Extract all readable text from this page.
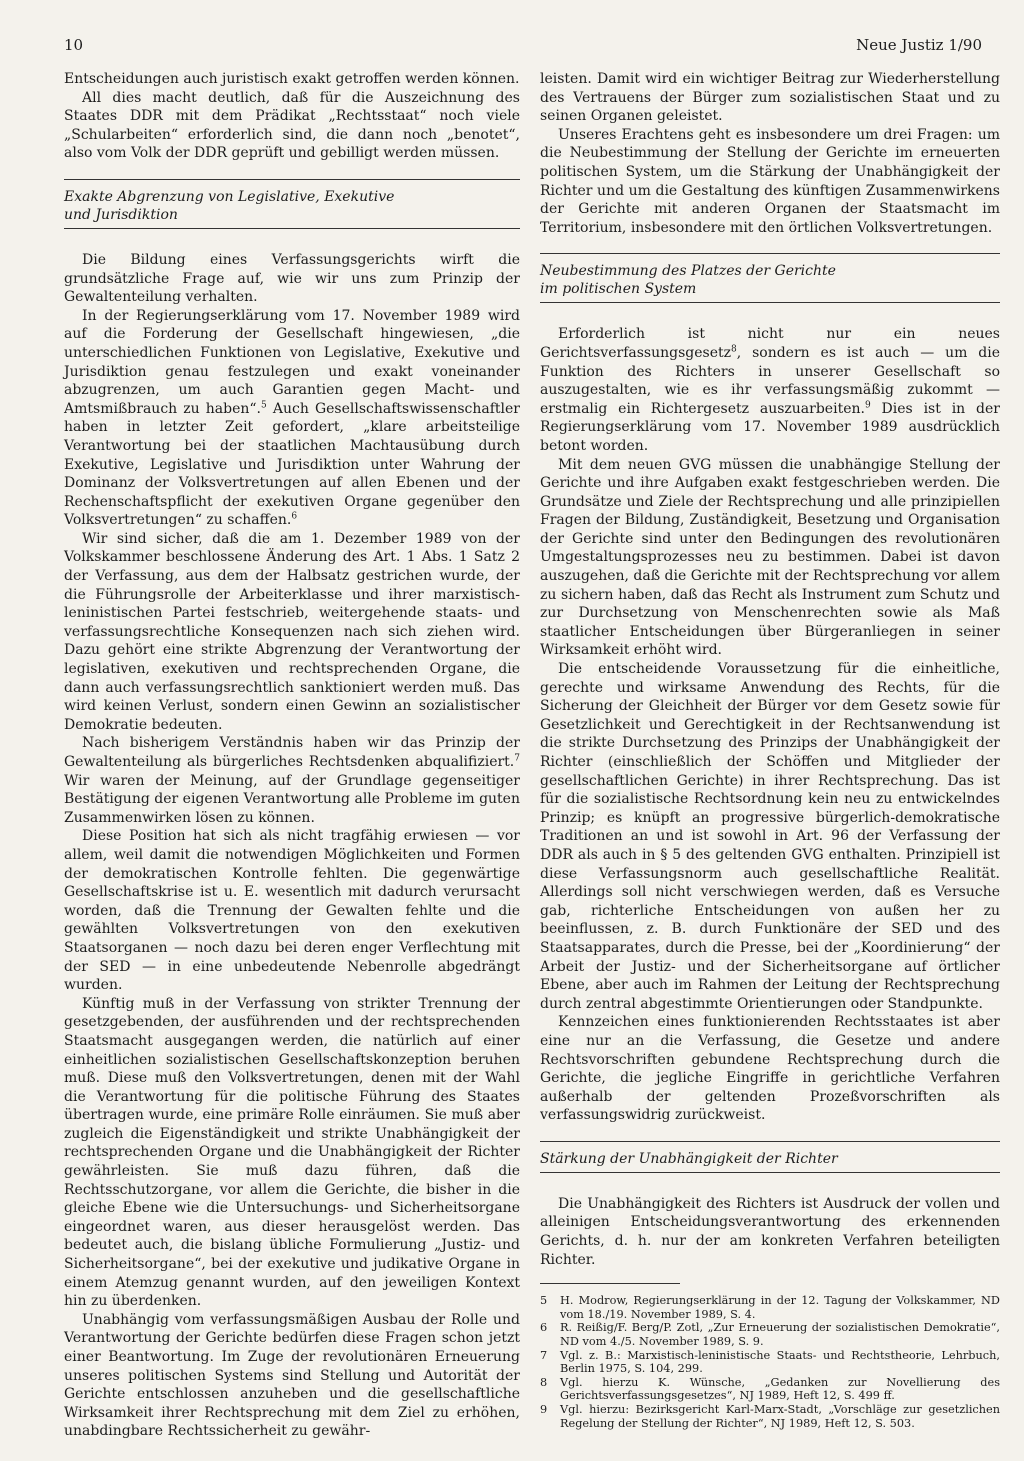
10	Neue Justiz 1/90

Entscheidungen auch juristisch exakt getroffen werden können.

All dies macht deutlich, daß für die Auszeichnung des Staates DDR mit dem Prädikat „Rechtsstaat“ noch viele „Schularbeiten“ erforderlich sind, die dann noch „benotet“, also vom Volk der DDR geprüft und gebilligt werden müssen.

Exakte Abgrenzung von Legislative, Exekutive
und Jurisdiktion

Die Bildung eines Verfassungsgerichts wirft die grundsätzliche Frage auf, wie wir uns zum Prinzip der Gewaltenteilung verhalten.

In der Regierungserklärung vom 17. November 1989 wird auf die Forderung der Gesellschaft hingewiesen, „die unterschiedlichen Funktionen von Legislative, Exekutive und Jurisdiktion genau festzulegen und exakt voneinander abzugrenzen, um auch Garantien gegen Macht- und Amtsmißbrauch zu haben“.$^5$ Auch Gesellschaftswissenschaftler haben in letzter Zeit gefordert, „klare arbeitsteilige Verantwortung bei der staatlichen Machtausübung durch Exekutive, Legislative und Jurisdiktion unter Wahrung der Dominanz der Volksvertretungen auf allen Ebenen und der Rechenschaftspflicht der exekutiven Organe gegenüber den Volksvertretungen“ zu schaffen.$^6$

Wir sind sicher, daß die am 1. Dezember 1989 von der Volkskammer beschlossene Änderung des Art. 1 Abs. 1 Satz 2 der Verfassung, aus dem der Halbsatz gestrichen wurde, der die Führungsrolle der Arbeiterklasse und ihrer marxistisch-leninistischen Partei festschrieb, weitergehende staats- und verfassungsrechtliche Konsequenzen nach sich ziehen wird. Dazu gehört eine strikte Abgrenzung der Verantwortung der legislativen, exekutiven und rechtsprechenden Organe, die dann auch verfassungsrechtlich sanktioniert werden muß. Das wird keinen Verlust, sondern einen Gewinn an sozialistischer Demokratie bedeuten.

Nach bisherigem Verständnis haben wir das Prinzip der Gewaltenteilung als bürgerliches Rechtsdenken abqualifiziert.$^7$ Wir waren der Meinung, auf der Grundlage gegenseitiger Bestätigung der eigenen Verantwortung alle Probleme im guten Zusammenwirken lösen zu können.

Diese Position hat sich als nicht tragfähig erwiesen — vor allem, weil damit die notwendigen Möglichkeiten und Formen der demokratischen Kontrolle fehlten. Die gegenwärtige Gesellschaftskrise ist u. E. wesentlich mit dadurch verursacht worden, daß die Trennung der Gewalten fehlte und die gewählten Volksvertretungen von den exekutiven Staatsorganen — noch dazu bei deren enger Verflechtung mit der SED — in eine unbedeutende Nebenrolle abgedrängt wurden.

Künftig muß in der Verfassung von strikter Trennung der gesetzgebenden, der ausführenden und der rechtsprechenden Staatsmacht ausgegangen werden, die natürlich auf einer einheitlichen sozialistischen Gesellschaftskonzeption beruhen muß. Diese muß den Volksvertretungen, denen mit der Wahl die Verantwortung für die politische Führung des Staates übertragen wurde, eine primäre Rolle einräumen. Sie muß aber zugleich die Eigenständigkeit und strikte Unabhängigkeit der rechtsprechenden Organe und die Unabhängigkeit der Richter gewährleisten. Sie muß dazu führen, daß die Rechtsschutzorgane, vor allem die Gerichte, die bisher in die gleiche Ebene wie die Untersuchungs- und Sicherheitsorgane eingeordnet waren, aus dieser herausgelöst werden. Das bedeutet auch, die bislang übliche Formulierung „Justiz- und Sicherheitsorgane“, bei der exekutive und judikative Organe in einem Atemzug genannt wurden, auf den jeweiligen Kontext hin zu überdenken.

Unabhängig vom verfassungsmäßigen Ausbau der Rolle und Verantwortung der Gerichte bedürfen diese Fragen schon jetzt einer Beantwortung. Im Zuge der revolutionären Erneuerung unseres politischen Systems sind Stellung und Autorität der Gerichte entschlossen anzuheben und die gesellschaftliche Wirksamkeit ihrer Rechtsprechung mit dem Ziel zu erhöhen, unabdingbare Rechtssicherheit zu gewähr-

leisten. Damit wird ein wichtiger Beitrag zur Wiederherstellung des Vertrauens der Bürger zum sozialistischen Staat und zu seinen Organen geleistet.

Unseres Erachtens geht es insbesondere um drei Fragen: um die Neubestimmung der Stellung der Gerichte im erneuerten politischen System, um die Stärkung der Unabhängigkeit der Richter und um die Gestaltung des künftigen Zusammenwirkens der Gerichte mit anderen Organen der Staatsmacht im Territorium, insbesondere mit den örtlichen Volksvertretungen.

Neubestimmung des Platzes der Gerichte
im politischen System

Erforderlich ist nicht nur ein neues Gerichtsverfassungsgesetz$^8$, sondern es ist auch — um die Funktion des Richters in unserer Gesellschaft so auszugestalten, wie es ihr verfassungsmäßig zukommt — erstmalig ein Richtergesetz auszuarbeiten.$^9$ Dies ist in der Regierungserklärung vom 17. November 1989 ausdrücklich betont worden.

Mit dem neuen GVG müssen die unabhängige Stellung der Gerichte und ihre Aufgaben exakt festgeschrieben werden. Die Grundsätze und Ziele der Rechtsprechung und alle prinzipiellen Fragen der Bildung, Zuständigkeit, Besetzung und Organisation der Gerichte sind unter den Bedingungen des revolutionären Umgestaltungsprozesses neu zu bestimmen. Dabei ist davon auszugehen, daß die Gerichte mit der Rechtsprechung vor allem zu sichern haben, daß das Recht als Instrument zum Schutz und zur Durchsetzung von Menschenrechten sowie als Maß staatlicher Entscheidungen über Bürgeranliegen in seiner Wirksamkeit erhöht wird.

Die entscheidende Voraussetzung für die einheitliche, gerechte und wirksame Anwendung des Rechts, für die Sicherung der Gleichheit der Bürger vor dem Gesetz sowie für Gesetzlichkeit und Gerechtigkeit in der Rechtsanwendung ist die strikte Durchsetzung des Prinzips der Unabhängigkeit der Richter (einschließlich der Schöffen und Mitglieder der gesellschaftlichen Gerichte) in ihrer Rechtsprechung. Das ist für die sozialistische Rechtsordnung kein neu zu entwickelndes Prinzip; es knüpft an progressive bürgerlich-demokratische Traditionen an und ist sowohl in Art. 96 der Verfassung der DDR als auch in § 5 des geltenden GVG enthalten. Prinzipiell ist diese Verfassungsnorm auch gesellschaftliche Realität. Allerdings soll nicht verschwiegen werden, daß es Versuche gab, richterliche Entscheidungen von außen her zu beeinflussen, z. B. durch Funktionäre der SED und des Staatsapparates, durch die Presse, bei der „Koordinierung“ der Arbeit der Justiz- und der Sicherheitsorgane auf örtlicher Ebene, aber auch im Rahmen der Leitung der Rechtsprechung durch zentral abgestimmte Orientierungen oder Standpunkte.

Kennzeichen eines funktionierenden Rechtsstaates ist aber eine nur an die Verfassung, die Gesetze und andere Rechtsvorschriften gebundene Rechtsprechung durch die Gerichte, die jegliche Eingriffe in gerichtliche Verfahren außerhalb der geltenden Prozeßvorschriften als verfassungswidrig zurückweist.

Stärkung der Unabhängigkeit der Richter

Die Unabhängigkeit des Richters ist Ausdruck der vollen und alleinigen Entscheidungsverantwortung des erkennenden Gerichts, d. h. nur der am konkreten Verfahren beteiligten Richter.

5	H. Modrow, Regierungserklärung in der 12. Tagung der Volkskammer, ND vom 18./19. November 1989, S. 4.
6	R. Reißig/F. Berg/P. Zotl, „Zur Erneuerung der sozialistischen Demokratie“, ND vom 4./5. November 1989, S. 9.
7	Vgl. z. B.: Marxistisch-leninistische Staats- und Rechtstheorie, Lehrbuch, Berlin 1975, S. 104, 299.
8	Vgl. hierzu K. Wünsche, „Gedanken zur Novellierung des Gerichtsverfassungsgesetzes“, NJ 1989, Heft 12, S. 499 ff.
9	Vgl. hierzu: Bezirksgericht Karl-Marx-Stadt, „Vorschläge zur gesetzlichen Regelung der Stellung der Richter“, NJ 1989, Heft 12, S. 503.
